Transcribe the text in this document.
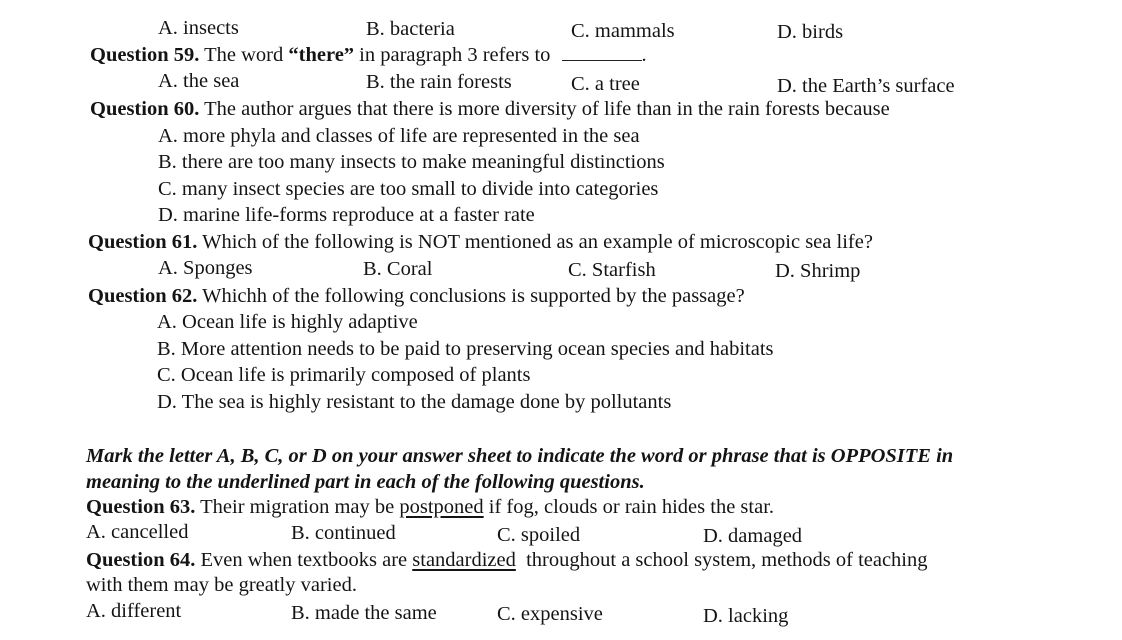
A. insects	B. bacteria	C. mammals	D. birds
Question 59. The word “there” in paragraph 3 refers to	.
A. the sea	B. the rain forests	C. a tree	D. the Earth’s surface
Question 60. The author argues that there is more diversity of life than in the rain forests because
A. more phyla and classes of life are represented in the sea
B. there are too many insects to make meaningful distinctions
C. many insect species are too small to divide into categories
D. marine life-forms reproduce at a faster rate
Question 61. Which of the following is NOT mentioned as an example of microscopic sea life?
A. Sponges	B. Coral	C. Starfish	D. Shrimp
Question 62. Whichh of the following conclusions is supported by the passage?
A. Ocean life is highly adaptive
B. More attention needs to be paid to preserving ocean species and habitats
C. Ocean life is primarily composed of plants
D. The sea is highly resistant to the damage done by pollutants
Mark the letter A, B, C, or D on your answer sheet to indicate the word or phrase that is OPPOSITE in
meaning to the underlined part in each of the following questions.
Question 63. Their migration may be postponed if fog, clouds or rain hides the star.
A. cancelled	B. continued	C. spoiled	D. damaged
Question 64. Even when textbooks are standardized  throughout a school system, methods of teaching
with them may be greatly varied.
A. different	B. made the same	C. expensive	D. lacking
